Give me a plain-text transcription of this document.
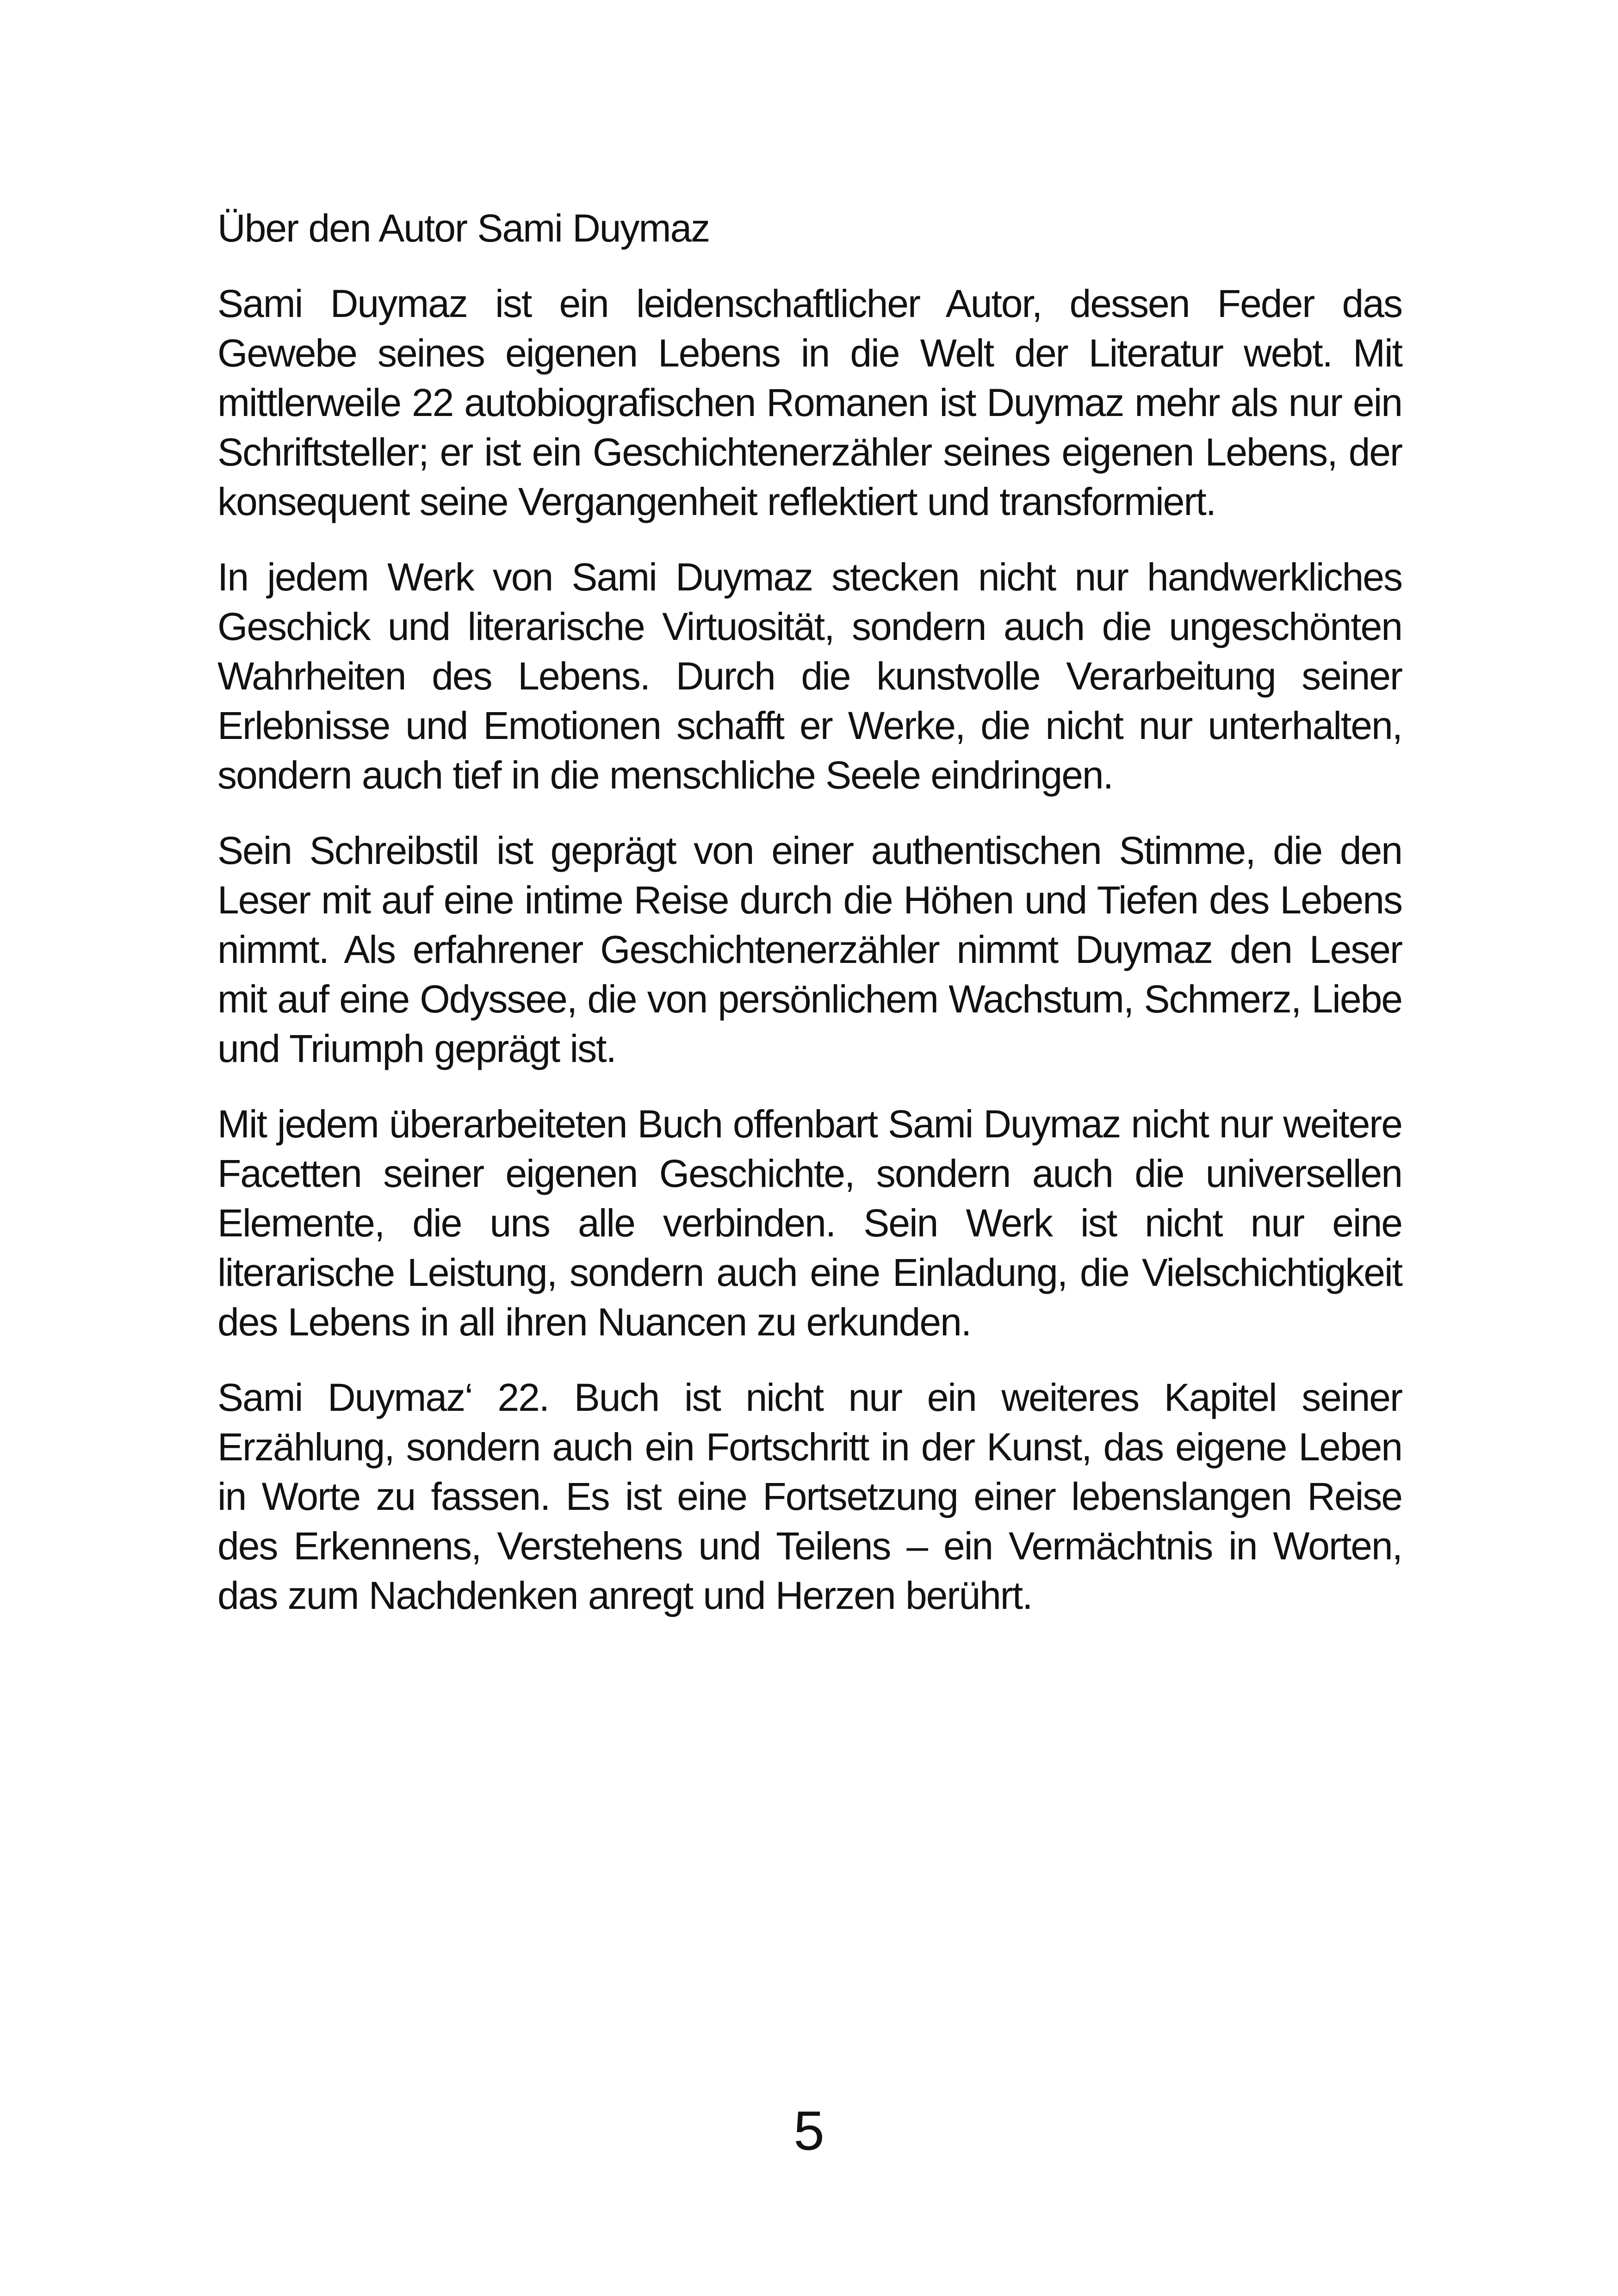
Über den Autor Sami Duymaz

Sami Duymaz ist ein leidenschaftlicher Autor, dessen Feder das Gewebe seines eigenen Lebens in die Welt der Literatur webt. Mit mittlerweile 22 autobiografischen Romanen ist Duymaz mehr als nur ein Schriftsteller; er ist ein Geschichtenerzähler seines eigenen Lebens, der konsequent seine Vergangenheit reflektiert und transformiert.

In jedem Werk von Sami Duymaz stecken nicht nur handwerkliches Geschick und literarische Virtuosität, sondern auch die ungeschönten Wahrheiten des Lebens. Durch die kunstvolle Verarbeitung seiner Erlebnisse und Emotionen schafft er Werke, die nicht nur unterhalten, sondern auch tief in die menschliche Seele eindringen.

Sein Schreibstil ist geprägt von einer authentischen Stimme, die den Leser mit auf eine intime Reise durch die Höhen und Tiefen des Lebens nimmt. Als erfahrener Geschichtenerzähler nimmt Duymaz den Leser mit auf eine Odyssee, die von persönlichem Wachstum, Schmerz, Liebe und Triumph geprägt ist.

Mit jedem überarbeiteten Buch offenbart Sami Duymaz nicht nur weitere Facetten seiner eigenen Geschichte, sondern auch die universellen Elemente, die uns alle verbinden. Sein Werk ist nicht nur eine literarische Leistung, sondern auch eine Einladung, die Vielschichtigkeit des Lebens in all ihren Nuancen zu erkunden.

Sami Duymaz‘ 22. Buch ist nicht nur ein weiteres Kapitel seiner Erzählung, sondern auch ein Fortschritt in der Kunst, das eigene Leben in Worte zu fassen. Es ist eine Fortsetzung einer lebenslangen Reise des Erkennens, Verstehens und Teilens – ein Vermächtnis in Worten, das zum Nachdenken anregt und Herzen berührt.

5
